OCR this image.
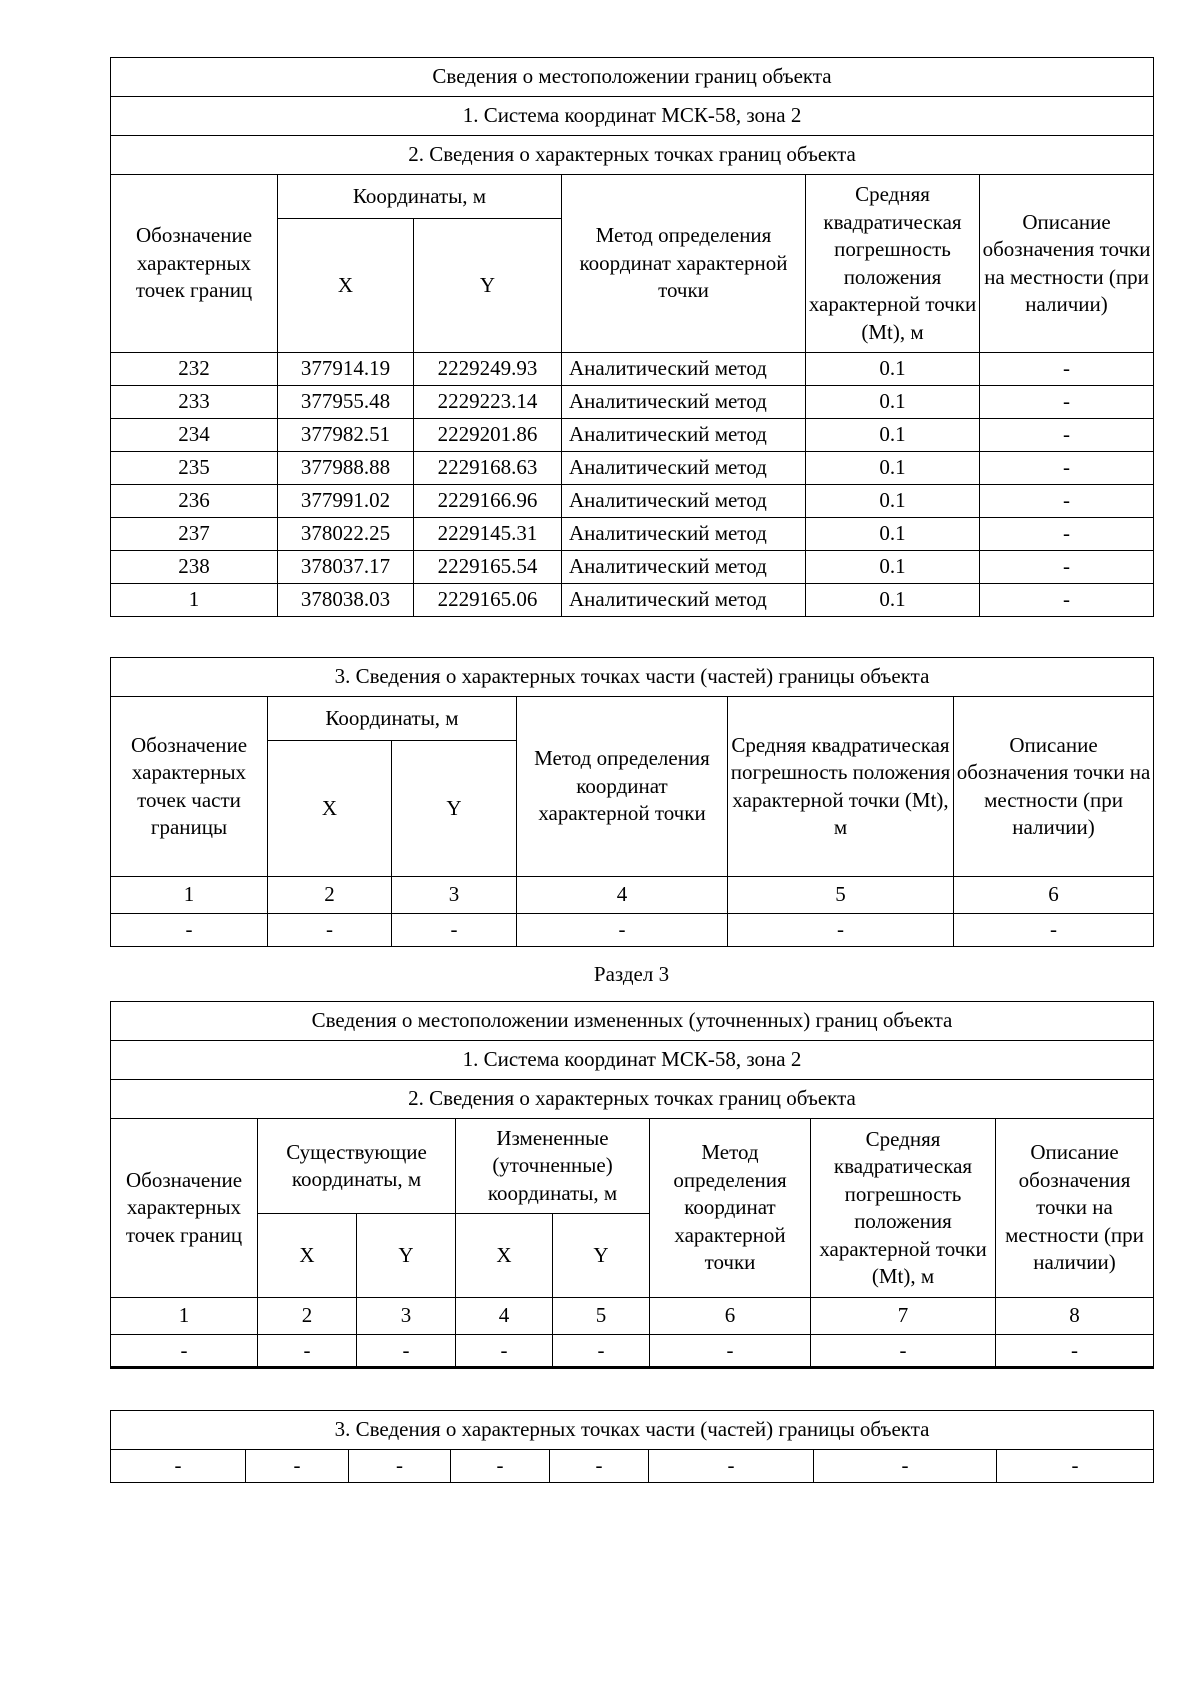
Сведения о местоположении границ объекта					
1. Система координат МСК-58, зона 2					
2. Сведения о характерных точках границ объекта					
Обозначение характерных точек границ	Координаты, м		Метод определения координат характерной точки	Средняя квадратическая погрешность положения характерной точки (Mt), м	Описание обозначения точки на местности (при наличии)
	X	Y			
232	377914.19	2229249.93	Аналитический метод	0.1	-
233	377955.48	2229223.14	Аналитический метод	0.1	-
234	377982.51	2229201.86	Аналитический метод	0.1	-
235	377988.88	2229168.63	Аналитический метод	0.1	-
236	377991.02	2229166.96	Аналитический метод	0.1	-
237	378022.25	2229145.31	Аналитический метод	0.1	-
238	378037.17	2229165.54	Аналитический метод	0.1	-
1	378038.03	2229165.06	Аналитический метод	0.1	-
3. Сведения о характерных точках части (частей) границы объекта					
Обозначение характерных точек части границы	Координаты, м		Метод определения координат характерной точки	Средняя квадратическая погрешность положения характерной точки (Mt), м	Описание обозначения точки на местности (при наличии)
	X	Y			
1	2	3	4	5	6
-	-	-	-	-	-
Раздел 3
Сведения о местоположении измененных (уточненных) границ объекта							
1. Система координат МСК-58, зона 2							
2. Сведения о характерных точках границ объекта							
Обозначение характерных точек границ	Существующие координаты, м		Измененные (уточненные) координаты, м		Метод определения координат характерной точки	Средняя квадратическая погрешность положения характерной точки (Mt), м	Описание обозначения точки на местности (при наличии)
	X	Y	X	Y			
1	2	3	4	5	6	7	8
-	-	-	-	-	-	-	-
3. Сведения о характерных точках части (частей) границы объекта
-	-	-	-	-	-	-	-
